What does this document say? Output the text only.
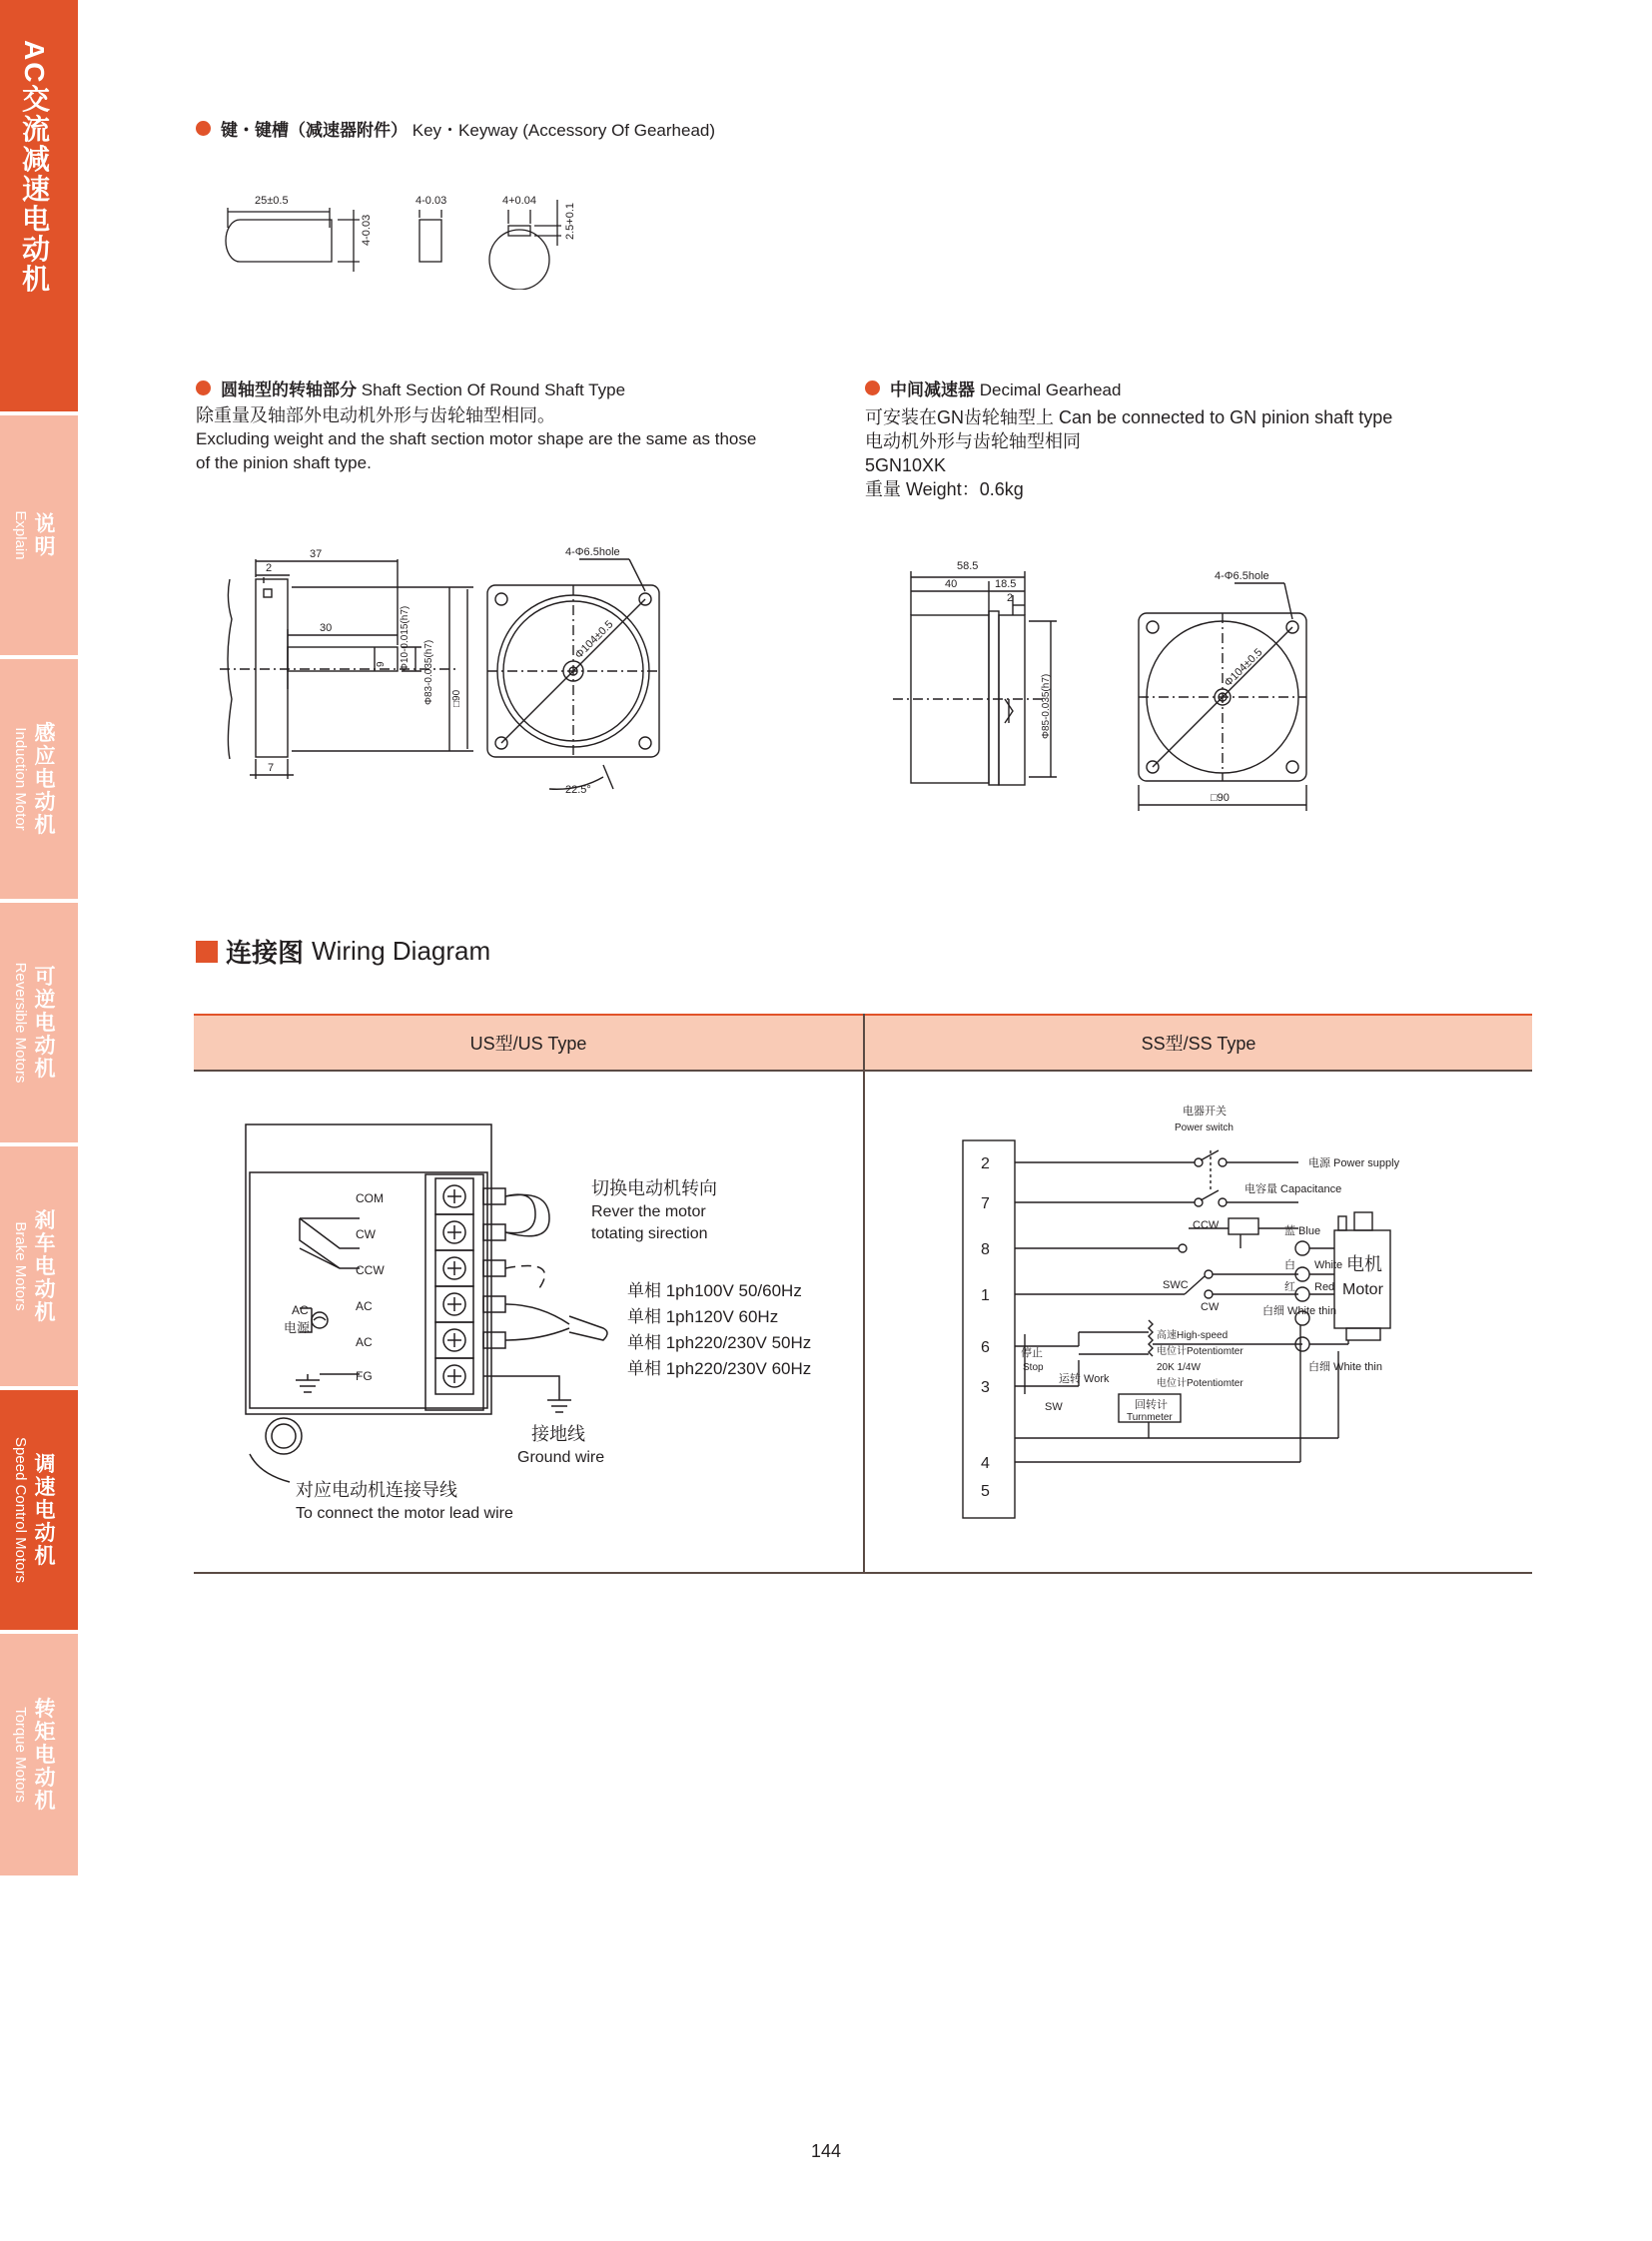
AC交流减速电动机
说明
Explain
感应电动机
Induction Motor
可逆电动机
Reversible Motors
刹车电动机
Brake Motors
调速电动机
Speed Control Motors
转矩电动机
Torque Motors
键・键槽（减速器附件） Key・Keyway (Accessory Of Gearhead)
25±0.5
4-0.03
4-0.03	4+0.04
2.5+0.1
圆轴型的转轴部分 Shaft Section Of Round Shaft Type
除重量及轴部外电动机外形与齿轮轴型相同。
Excluding weight and the shaft section motor shape are the same as those
of the pinion shaft type.
37
2
30
7
9 Φ10-0.015(h7)
Φ83-0.035(h7) □90
4-Φ6.5hole
Φ104±0.5
22.5°
中间减速器 Decimal Gearhead
可安装在GN齿轮轴型上 Can be connected to GN pinion shaft type
电动机外形与齿轮轴型相同
5GN10XK
重量 Weight：0.6kg
58.5
40	18.5
2
Φ85-0.035(h7)
4-Φ6.5hole
Φ104±0.5
□90
连接图 Wiring Diagram
US型/US Type	SS型/SS Type
COM
CW
CCW
AC
AC
FG
AC
电源
切换电动机转向
Rever the motor
totating sirection
单相 1ph100V 50/60Hz
单相 1ph120V 60Hz
单相 1ph220/230V 50Hz
单相 1ph220/230V 60Hz
接地线
Ground wire
对应电动机连接导线
To connect the motor lead wire
2
7
8
1
6
3
4
5
电器开关
Power switch
电源 Power supply
电容量 Capacitance
CCW
CW
SWC
蓝 Blue
白 White
红 Red
白细 White thin
白细 White thin
电机
Motor
停止
Stop
运转 Work
SW
高速High-speed
电位计Potentiomter
20K 1/4W
电位计Potentiomter
回转计
Turnmeter
144
